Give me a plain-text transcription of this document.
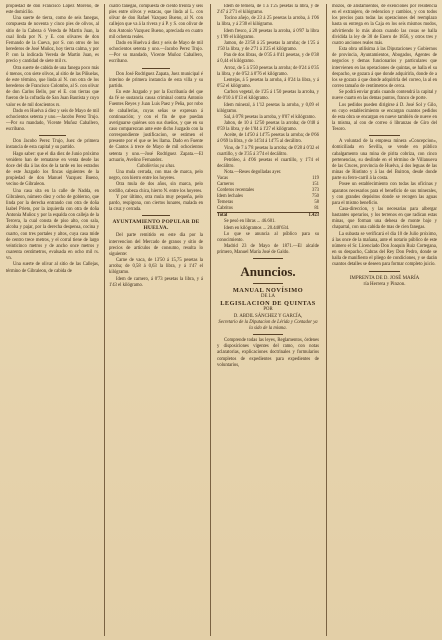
propiedad de don Francisco López Moreno, de este domicilio.

Una suerte de tierra, como de seis fanegas, compuesta de noventa y cinco pies de olivos, al sitio de la Cabeza ó Vereda de Martin Juan, la cual linda por N. y E. con olivares de don Fernando de la Cueva, por S. con otros de los herederos de José Muñoz, hoy tierra calma, y por P. con la indicada Vereda de Martin Juan, es precio y cantidad de siete mil rs.

Otra suerte de cabida de una fanega poco más ó menos, con siete olivos, al sitio de las Piñuelas, de este término, que linda al N. con otra de los herederos de Francisco Colombo, al S. con olivar de don Carlos Bello, por el E. con tierras que fueron de la cofradía de San Juan Bautista y cuyo valor es de mil doscientos rs.

Dado en Huelva á diez y seis de Mayo de mil ochocientos setenta y uno.—Jacobo Perez Trujo.—Por su mandado, Vicente Muñoz Caballero, escribano.

Don Jacobo Perez Trujo, Juez de primera instancia de esta capital y su partido.

Hago saber: que el dia diez de Junio próximo venidero han de rematarse en venta desde las doce del dia á las dos de la tarde en los estrados de este Juzgado los fincas siguientes de la propiedad de don Manuel Vazquez Bueno, vecino de Gibraleon.

Una casa sita en la calle de Nadda, en Gibraleon, número diez y ocho de gobierno, que linda por la derecha entrando con otra de doña Isabel Prieto, por la izquierda con otra de doña Antonia Muñoz y por la espalda con calleja de la Tercera, la cual consta de piso alto, con sala, alcoba y pajar, por la derecha despensa, cocina y cuarto, con tres portales y altos, cuya casa mide de centro trece metros, y el corral tiene de largo veinticinco metros y de ancho once metros y cuarenta centímetros, evaluada en ocho mil rs. vn.

Una suerte de olivar al sitio de las Callejas, término de Gibraleon, de cabida de

cuatro fanegas, compuesta de ciento treinta y seis pies entre olivos y estacas, que linda al L. con olivar de don Rafael Vazquez Bueno, al N. con callejon que va á la rivera y á P. y S. con olivar de don Antonio Vazquez Bueno, apreciada en cuatro mil ochenta reales.

Dado en Huelva á diez y seis de Mayo de mil ochocientos setenta y uno.—Jacobo Perez Trujo.—Por su mandado, Vicente Muñoz Caballero, escribano.

Don José Rodriguez Zapata, Juez municipal é interino de primera instancia de esta villa y su partido.

En este Juzgado y por la Escribanía del que da fé se sustancia causa criminal contra Antonio Fuentes Reyes y Juan Luis Paez y Peña, por robo de caballerías, cuyas señas se expresan á continuación; y con el fin de que puedan averiguarse quiénes son sus dueños, y que en su caso comparezcan ante este dicho Juzgado con la correspondiente justificacion, se estimen el presente por el que se les llama. Dado en Fuente de Cantos á trece de Mayo de mil ochocientos setenta y uno.—José Rodriguez Zapata.—El actuario, Avelino Fernandez.

Caballerías ya sitas.

Una mula cerrada, con mas de marca, pelo negro, con hierro entre los hoyeres.

Otra mula de dos años, sin marca, pelo tordillo, cabeza chica, hierro N. entre los hoyeres.

Y por último, otra mula muy pequeña, pelo pardo, respigona, con ciertos lunares, malada en la cruz y cerrada.

AYUNTAMIENTO POPULAR DE HUELVA.

Del parte remitido en este dia por la intervencion del Mercado de granos y sitio de precios de artículos de consumo, resulta lo siguiente:

Carne de vaca, de 13'50 á 15,75 pesetas la arroba; de 0,58 á 0,63 la libra, y á 1'47 el kilógramo.

Idem de carnero, á 0'73 pesetas la libra, y á 1'43 el kilógramo.

Idem de ternera, de 1 á 1'25 pesetas la libra, y de 2'47 á 2'71 el kilógramo.

Tocino añejo, de 23 á 25 pesetas la arroba, á 1'06 la libra, y á 2'30 el kilógramo.

Idem fresco, á 20 pesetas la arroba, á 0'87 la libra y 1'89 el kilógramo.

Jamon, de 23'50 á 25 pesetas la arroba; de 1'25 á 1'50 la libra, y de 2'71 á 3'25 el kilógramo.

Pan de dos libras, de 0'35 á 0'41 pesetas, y de 0'38 á 0,44 el kilógramo.

Arroz, de 5 á 5'50 pesetas la arroba; de 0'24 á 0'35 la libra, y de 0'52 á 0'76 el kilógramo.

Lentejas, á 5 pesetas la arroba, á 0'24 la libra, y á 0'52 el kilógramo.

Carbon vegetal, de 1'25 á 1'50 pesetas la arroba, y de 0'10 á 0'13 el kilógramo.

Idem mineral, á 1'12 pesetas la arroba, y 0,09 el kilógramo.

Sal, á 0'78 pesetas la arroba, y 0'07 el kilógramo.

Jabon, de 10 á 12'50 pesetas la arroba; de 0'48 á 0'59 la libra, y de 1'04 á 1'27 el kilógramo.

Aceite, de 14'50 á 14'75 pesetas la arroba; de 0'66 á 0'69 la libra, y de 14'34 á 14'75 al decálitro.

Vino, de 7 á 7'8 pesetas la arroba; de 0'28 á 0'32 el cuartillo, y de 3'35 á 3'74 el decálitro.

Petróleo, á 4'06 pesetas el cuartillo, y 1'74 el decálitro.

Nota.—Reses degolladas ayer.

Vacas	119
Carneros	151
Corderos recentales	373
Idem lechales	750
Terneras	58
Cabritos	81
Total	1.423

Se pesó en libras ... 46.601.

Idem en kilógramos ... 20.448'634.

Lo que se anuncia al público para su conocimiento.

Madrid 23 de Mayo de 1871.—El alcalde primero, Manuel María José de Galdo.

Anuncios.
MANUAL NOVÍSIMO
DE LA
LEGISLACION DE QUINTAS
POR
D. ABDIL SÁNCHEZ Y GARCÍA,

Secretario de la Diputacion de Lérida y Contador ya la sido de la misma.

Comprende todas las leyes, Reglamentos, órdenes y disposiciones vigentes del ramo, con notas aclaratorias, explicaciones doctrinales y formularios completos de expedientes para expedientes de voluntarios,

mozos, de alistamientos, de exenciones por residencia en el extranjero, de redencion y cambios, y con todos los precios para todas las operaciones del reemplazo hasta su entrega en la Caja en los seis mismos modos, advirtiendo lo más ahora cuando las cosas se halla dividida la ley de 30 de Enero de 1856, y otros tres y cuatro anciones reales más.

Esta obra utilísima á las Diputaciones y Gobiernos de provincia, Ayuntamientos, Abogados, Agentes de negocios y demas funcionarios y particulares que intervienen en las operaciones de quintas, se halla el su despacho, se gozara á que donde adquirirla, donde de a los se gozara á que donde adquirirla del correo, la al en correo tamaño de centímetros de cerca.

Se podrá enviar gratis cuando contendrá la capital y nueve cuarto en las demas puntos, franco de porte.

Los pedidos pueden dirigirse á D. José Sol y Gilo, en cuyo establecimiento se encargan cuantos pedidos de esta obra se encargan en nueve también de nueve en la misma, al con de correo ó libranzas de Giro del Tesoro.

A voluntad de la empresa minera «Concepcion», domiciliada en Sevilla, se vende en público cabalgamento una mina de pirita cobriza, con cinco pertenencias, su deslinde en el término de Villanueva de las Cruces, provincia de Huelva, á dos leguas de las minas de Riotinto y á las del Buitron, desde donde parte su ferro-carril á la costa.

Posee un establecimiento con todas las oficinas y aparatos necesarios para el beneficio de sus minerales, y con grandes depósitos donde se recogen las aguas para el mismo beneficio.

Casa-direccion, y las necesarias para albergar bastantes operarios, y los terrenos en que radican estas minas, que forman una dehesa de monte bajo y chaparral, con una cabida de mas de cien fanegas.

La subasta se verificará el dia 10 de Julio próximo, á las once de la mañana, ante el notario público de este número el Sr. Licenciado Don Joaquin Ruiz Cortegana, en su despacho, Cabras del Rey Don Pedro, donde se halla de manifiesto el pliego de condiciones, y se darán cuantos detalles se deseen para formar completo juicio.

IMPRENTA DE D. JOSÉ MARÍA
ría Herrera y Pinzon.
